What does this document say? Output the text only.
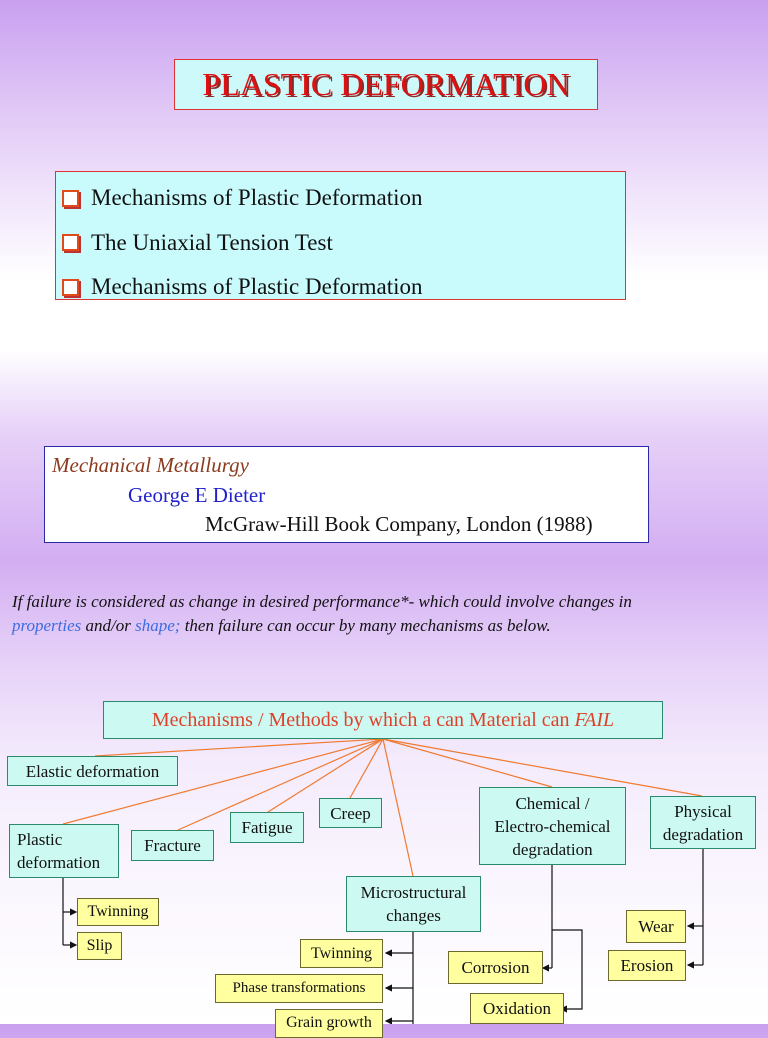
PLASTIC DEFORMATION
Mechanisms of Plastic Deformation
The Uniaxial Tension Test
Mechanisms of Plastic Deformation
Mechanical Metallurgy
George E Dieter
McGraw-Hill Book Company, London (1988)
If failure is considered as change in desired performance*- which could involve changes in
properties and/or shape; then failure can occur by many mechanisms as below.
Mechanisms / Methods by which a can Material can FAIL
Elastic deformation
Plastic
deformation
Fracture
Fatigue
Creep
Microstructural
changes
Chemical /
Electro-chemical
degradation
Physical
degradation
Twinning
Slip	Twinning
Phase transformations
Grain growth
Corrosion
Oxidation
Wear
Erosion
